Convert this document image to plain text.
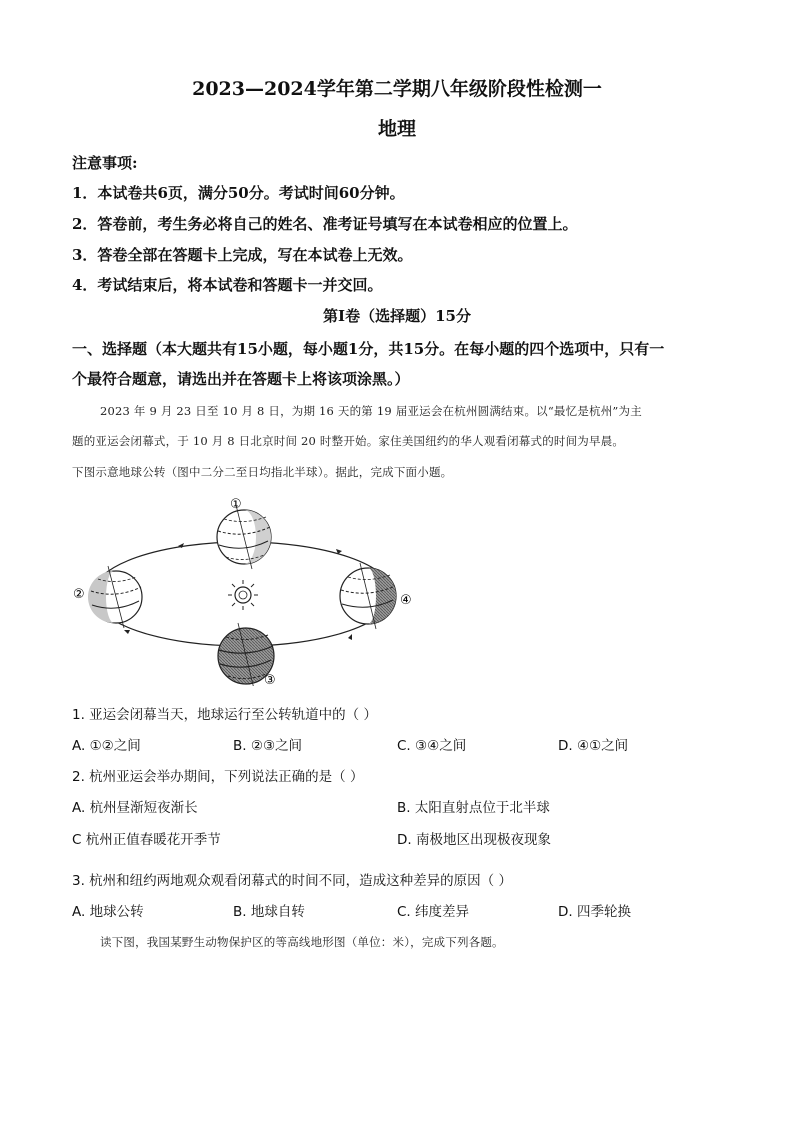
2023—2024学年第二学期八年级阶段性检测一
地理
注意事项:
1．本试卷共6页，满分50分。考试时间60分钟。
2．答卷前，考生务必将自己的姓名、准考证号填写在本试卷相应的位置上。
3．答卷全部在答题卡上完成，写在本试卷上无效。
4．考试结束后，将本试卷和答题卡一并交回。
第Ⅰ卷（选择题）15分
一、选择题（本大题共有15小题，每小题1分，共15分。在每小题的四个选项中，只有一
个最符合题意，请选出并在答题卡上将该项涂黑。）
2023 年 9 月 23 日至 10 月 8 日，为期 16 天的第 19 届亚运会在杭州圆满结束。以“最忆是杭州”为主
题的亚运会闭幕式，于 10 月 8 日北京时间 20 时整开始。家住美国纽约的华人观看闭幕式的时间为早晨。
下图示意地球公转（图中二分二至日均指北半球）。据此，完成下面小题。
①
②
③
④
1. 亚运会闭幕当天，地球运行至公转轨道中的（ ）
A. ①②之间	B. ②③之间	C. ③④之间	D. ④①之间
2. 杭州亚运会举办期间，下列说法正确的是（ ）
A. 杭州昼渐短夜渐长	B. 太阳直射点位于北半球
C 杭州正值春暖花开季节	D. 南极地区出现极夜现象
3. 杭州和纽约两地观众观看闭幕式的时间不同，造成这种差异的原因（ ）
A. 地球公转	B. 地球自转	C. 纬度差异	D. 四季轮换
读下图，我国某野生动物保护区的等高线地形图（单位：米），完成下列各题。
